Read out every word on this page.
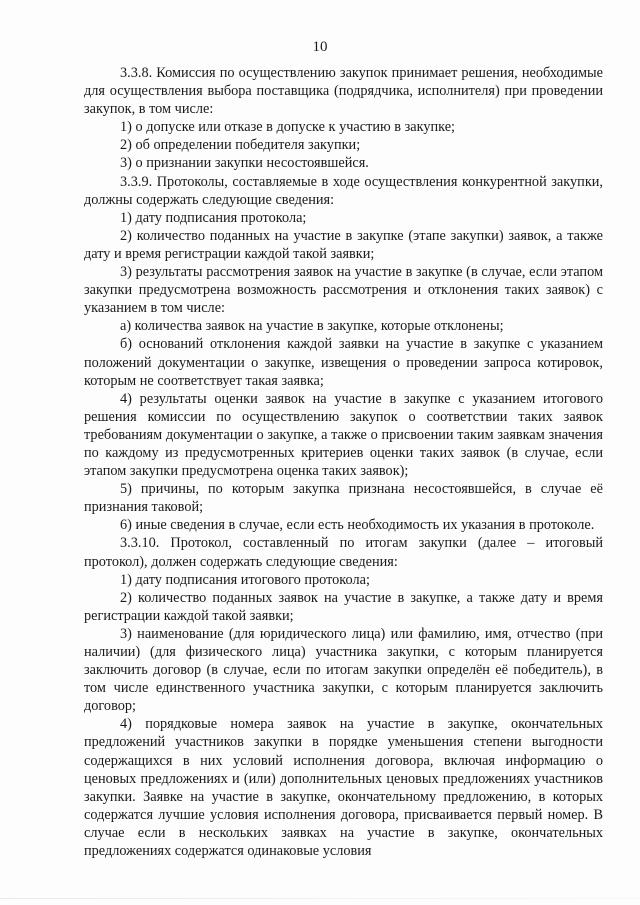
10

3.3.8. Комиссия по осуществлению закупок принимает решения, необходимые для осуществления выбора поставщика (подрядчика, исполнителя) при проведении закупок, в том числе:

1) о допуске или отказе в допуске к участию в закупке;

2) об определении победителя закупки;

3) о признании закупки несостоявшейся.

3.3.9. Протоколы, составляемые в ходе осуществления конкурентной закупки, должны содержать следующие сведения:

1) дату подписания протокола;

2) количество поданных на участие в закупке (этапе закупки) заявок, а также дату и время регистрации каждой такой заявки;

3) результаты рассмотрения заявок на участие в закупке (в случае, если этапом закупки предусмотрена возможность рассмотрения и отклонения таких заявок) с указанием в том числе:

а) количества заявок на участие в закупке, которые отклонены;

б) оснований отклонения каждой заявки на участие в закупке с указанием положений документации о закупке, извещения о проведении запроса котировок, которым не соответствует такая заявка;

4) результаты оценки заявок на участие в закупке с указанием итогового решения комиссии по осуществлению закупок о соответствии таких заявок требованиям документации о закупке, а также о присвоении таким заявкам значения по каждому из предусмотренных критериев оценки таких заявок (в случае, если этапом закупки предусмотрена оценка таких заявок);

5) причины, по которым закупка признана несостоявшейся, в случае её признания таковой;

6) иные сведения в случае, если есть необходимость их указания в протоколе.

3.3.10. Протокол, составленный по итогам закупки (далее – итоговый протокол), должен содержать следующие сведения:

1) дату подписания итогового протокола;

2) количество поданных заявок на участие в закупке, а также дату и время регистрации каждой такой заявки;

3) наименование (для юридического лица) или фамилию, имя, отчество (при наличии) (для физического лица) участника закупки, с которым планируется заключить договор (в случае, если по итогам закупки определён её победитель), в том числе единственного участника закупки, с которым планируется заключить договор;

4) порядковые номера заявок на участие в закупке, окончательных предложений участников закупки в порядке уменьшения степени выгодности содержащихся в них условий исполнения договора, включая информацию о ценовых предложениях и (или) дополнительных ценовых предложениях участников закупки. Заявке на участие в закупке, окончательному предложению, в которых содержатся лучшие условия исполнения договора, присваивается первый номер. В случае если в нескольких заявках на участие в закупке, окончательных предложениях содержатся одинаковые условия
